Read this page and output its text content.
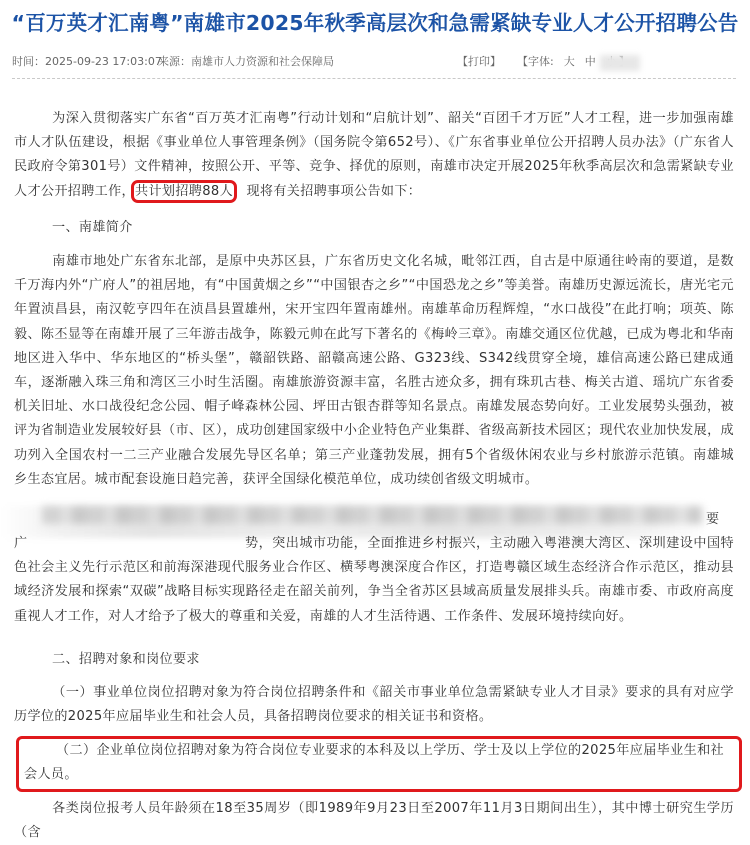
“百万英才汇南粤”南雄市2025年秋季高层次和急需紧缺专业人才公开招聘公告
时间：2025-09-23 17:03:07
来源：南雄市人力资源和社会保障局	【打印】 【字体: 大 中

为深入贯彻落实广东省“百万英才汇南粤”行动计划和“启航计划”、韶关“百团千才万匠”人才工程，进一步加强南雄市人才队伍建设，根据《事业单位人事管理条例》（国务院令第652号）、《广东省事业单位公开招聘人员办法》（广东省人民政府令第301号）文件精神，按照公开、平等、竞争、择优的原则，南雄市决定开展2025年秋季高层次和急需紧缺专业人才公开招聘工作，共计划招聘88人，现将有关招聘事项公告如下：

一、南雄简介

南雄市地处广东省东北部，是原中央苏区县，广东省历史文化名城，毗邻江西，自古是中原通往岭南的要道，是数千万海内外“广府人”的祖居地，有“中国黄烟之乡”“中国银杏之乡”“中国恐龙之乡”等美誉。南雄历史源远流长，唐光宅元年置浈昌县，南汉乾亨四年在浈昌县置雄州，宋开宝四年置南雄州。南雄革命历程辉煌，“水口战役”在此打响；项英、陈毅、陈丕显等在南雄开展了三年游击战争，陈毅元帅在此写下著名的《梅岭三章》。南雄交通区位优越，已成为粤北和华南地区进入华中、华东地区的“桥头堡”，赣韶铁路、韶赣高速公路、G323线、S342线贯穿全境，雄信高速公路已建成通车，逐渐融入珠三角和湾区三小时生活圈。南雄旅游资源丰富，名胜古迹众多，拥有珠玑古巷、梅关古道、瑶坑广东省委机关旧址、水口战役纪念公园、帽子峰森林公园、坪田古银杏群等知名景点。南雄发展态势向好。工业发展势头强劲，被评为省制造业发展较好县（市、区），成功创建国家级中小企业特色产业集群、省级高新技术园区；现代农业加快发展，成功列入全国农村一二三产业融合发展先导区名单；第三产业蓬勃发展，拥有5个省级休闲农业与乡村旅游示范镇。南雄城乡生态宜居。城市配套设施日趋完善，获评全国绿化模范单位，成功续创省级文明城市。

要

广　　　　　　　　　　　　　　　　势，突出城市功能，全面推进乡村振兴，主动融入粤港澳大湾区、深圳建设中国特色社会主义先行示范区和前海深港现代服务业合作区、横琴粤澳深度合作区，打造粤赣区域生态经济合作示范区，推动县域经济发展和探索“双碳”战略目标实现路径走在韶关前列，争当全省苏区县域高质量发展排头兵。南雄市委、市政府高度重视人才工作，对人才给予了极大的尊重和关爱，南雄的人才生活待遇、工作条件、发展环境持续向好。

二、招聘对象和岗位要求

（一）事业单位岗位招聘对象为符合岗位招聘条件和《韶关市事业单位急需紧缺专业人才目录》要求的具有对应学历学位的2025年应届毕业生和社会人员，具备招聘岗位要求的相关证书和资格。

（二）企业单位岗位招聘对象为符合岗位专业要求的本科及以上学历、学士及以上学位的2025年应届毕业生和社会人员。

各类岗位报考人员年龄须在18至35周岁（即1989年9月23日至2007年11月3日期间出生），其中博士研究生学历（含
